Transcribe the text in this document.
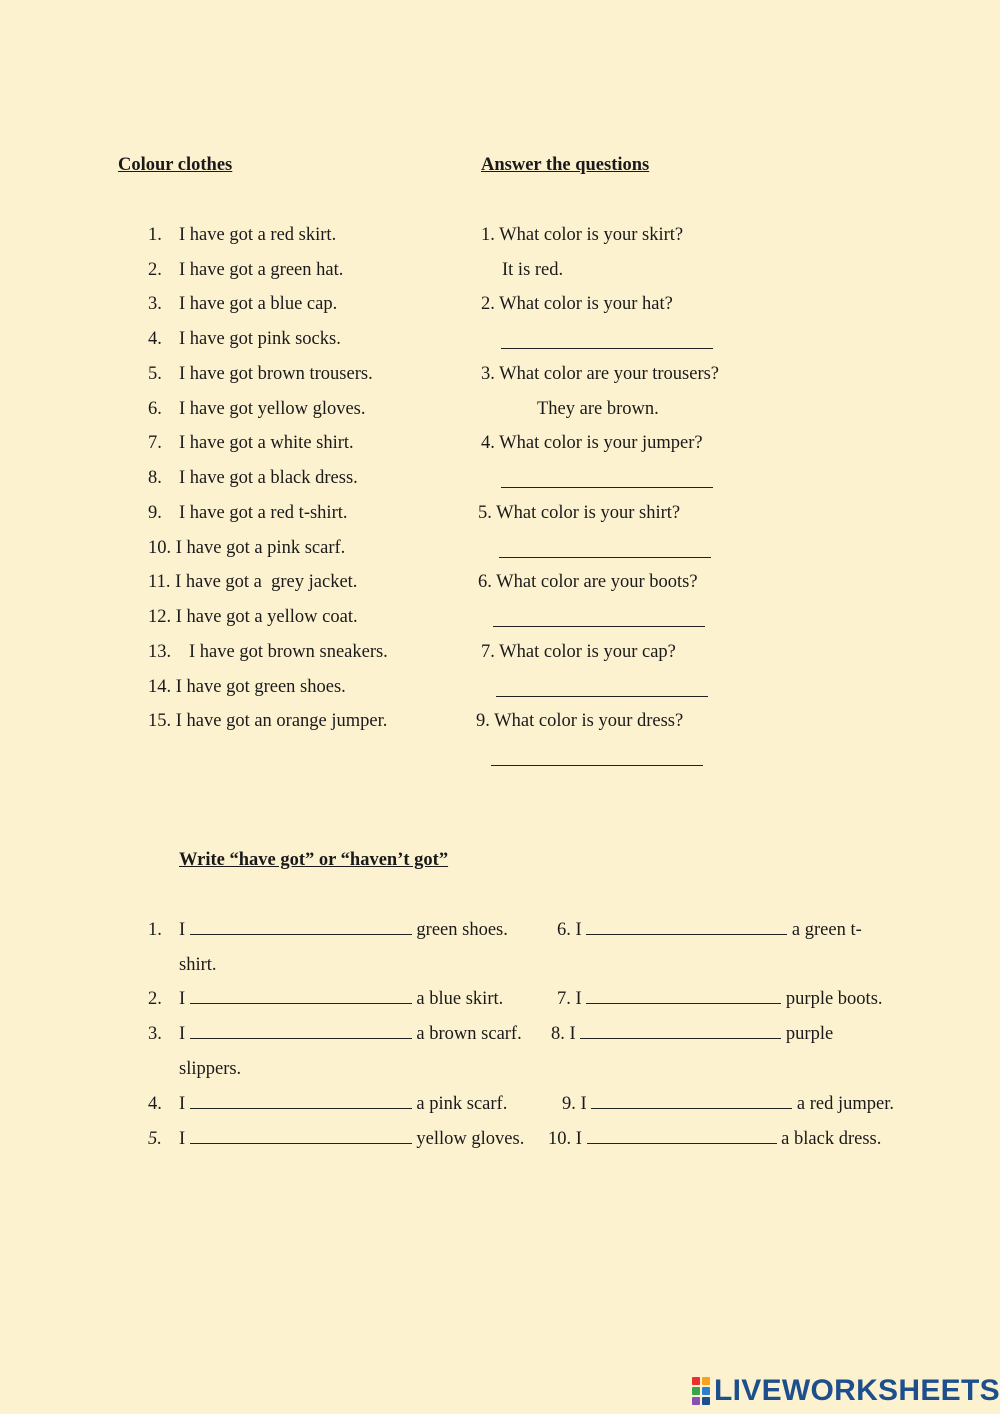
Colour clothes	Answer the questions
1. I have got a red skirt.
2. I have got a green hat.
3. I have got a blue cap.
4. I have got pink socks.
5. I have got brown trousers.
6. I have got yellow gloves.
7. I have got a white shirt.
8. I have got a black dress.
9. I have got a red t-shirt.
10. I have got a pink scarf.
11. I have got a  grey jacket.
12. I have got a yellow coat.
13. I have got brown sneakers.
14. I have got green shoes.
15. I have got an orange jumper.
1. What color is your skirt?
It is red.
2. What color is your hat?
3. What color are your trousers?
They are brown.
4. What color is your jumper?
5. What color is your shirt?
6. What color are your boots?
7. What color is your cap?
9. What color is your dress?
Write “have got” or “haven’t got”
1. I	green shoes.	6. I	a green t-
shirt.
2. I	a blue skirt.	7. I	purple boots.
3. I	a brown scarf. 8. I	purple
slippers.
4. I	a pink scarf.	9. I	a red jumper.
5. I	yellow gloves. 10. I	a black dress.
LIVEWORKSHEETS
